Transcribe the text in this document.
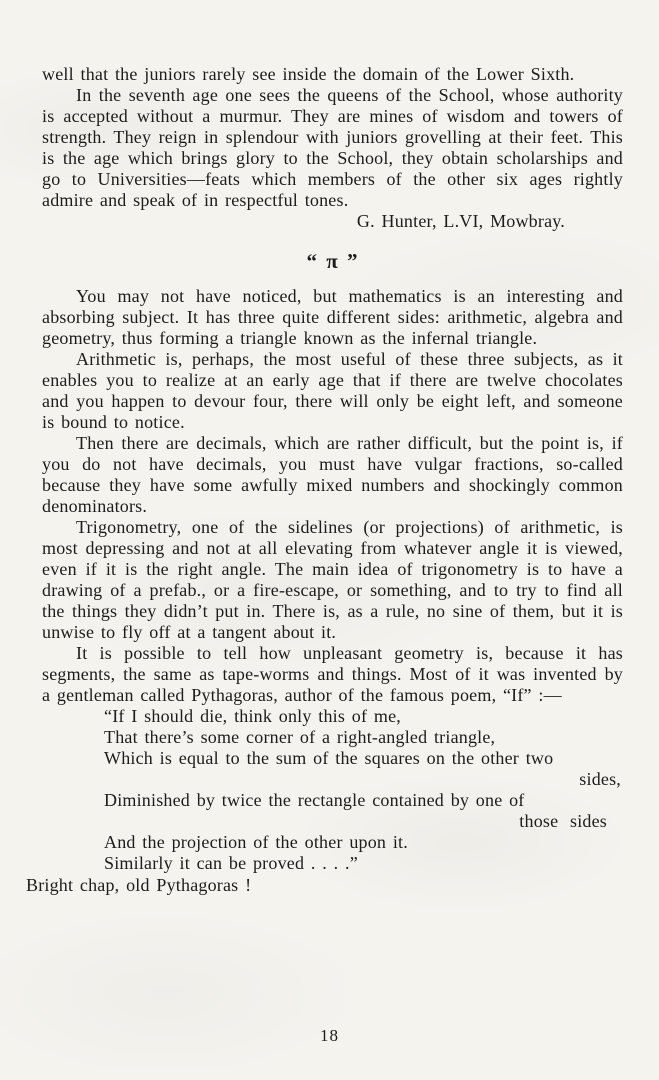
well that the juniors rarely see inside the domain of the Lower Sixth.

In the seventh age one sees the queens of the School, whose authority is accepted without a murmur. They are mines of wisdom and towers of strength. They reign in splendour with juniors grovelling at their feet. This is the age which brings glory to the School, they obtain scholarships and go to Universities—feats which members of the other six ages rightly admire and speak of in respectful tones.

G. Hunter, L.VI, Mowbray.

“ π ”

You may not have noticed, but mathematics is an interesting and absorbing subject. It has three quite different sides: arithmetic, algebra and geometry, thus forming a triangle known as the infernal triangle.

Arithmetic is, perhaps, the most useful of these three subjects, as it enables you to realize at an early age that if there are twelve chocolates and you happen to devour four, there will only be eight left, and someone is bound to notice.

Then there are decimals, which are rather difficult, but the point is, if you do not have decimals, you must have vulgar fractions, so-called because they have some awfully mixed numbers and shockingly common denominators.

Trigonometry, one of the sidelines (or projections) of arithmetic, is most depressing and not at all elevating from whatever angle it is viewed, even if it is the right angle. The main idea of trigonometry is to have a drawing of a prefab., or a fire-escape, or something, and to try to find all the things they didn’t put in. There is, as a rule, no sine of them, but it is unwise to fly off at a tangent about it.

It is possible to tell how unpleasant geometry is, because it has segments, the same as tape-worms and things. Most of it was invented by a gentleman called Pythagoras, author of the famous poem, “If” :—

“If I should die, think only this of me,

That there’s some corner of a right-angled triangle,

Which is equal to the sum of the squares on the other two

sides,

Diminished by twice the rectangle contained by one of

those sides

And the projection of the other upon it.

Similarly it can be proved . . . .”

Bright chap, old Pythagoras !

18
